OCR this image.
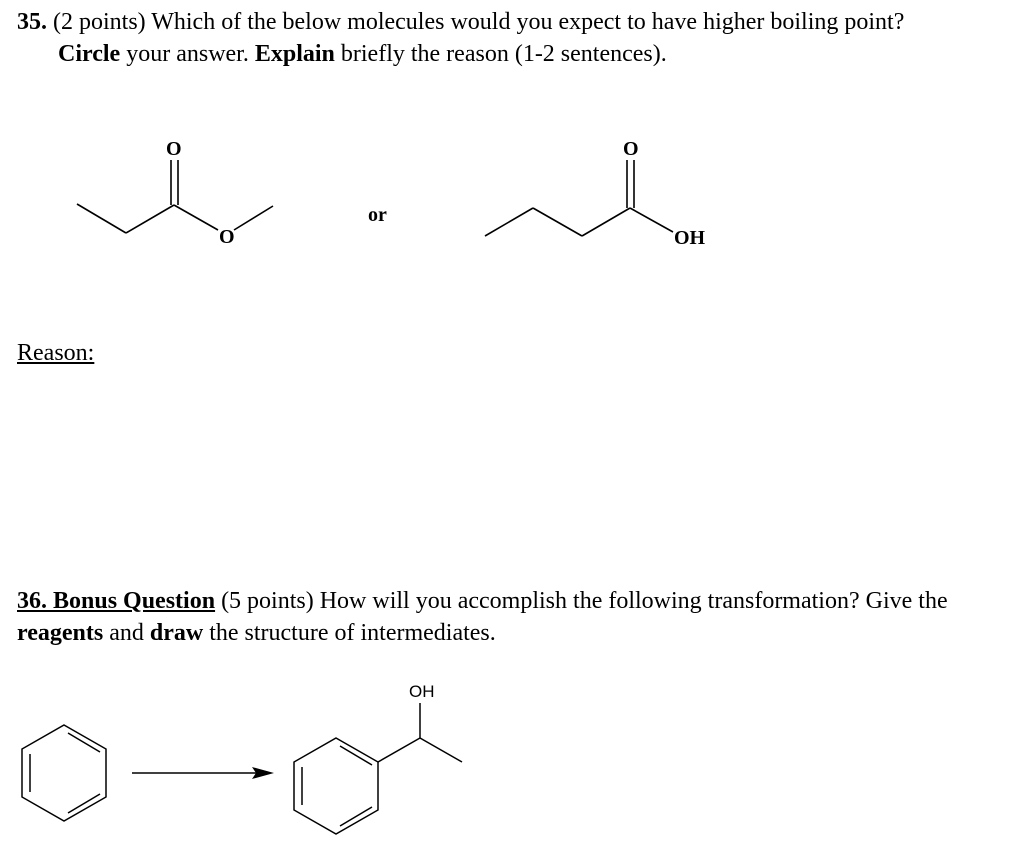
35. (2 points) Which of the below molecules would you expect to have higher boiling point?
Circle your answer. Explain briefly the reason (1-2 sentences).
O
O
or
O
OH
Reason:
36. Bonus Question (5 points) How will you accomplish the following transformation? Give the reagents and draw the structure of intermediates.
OH
